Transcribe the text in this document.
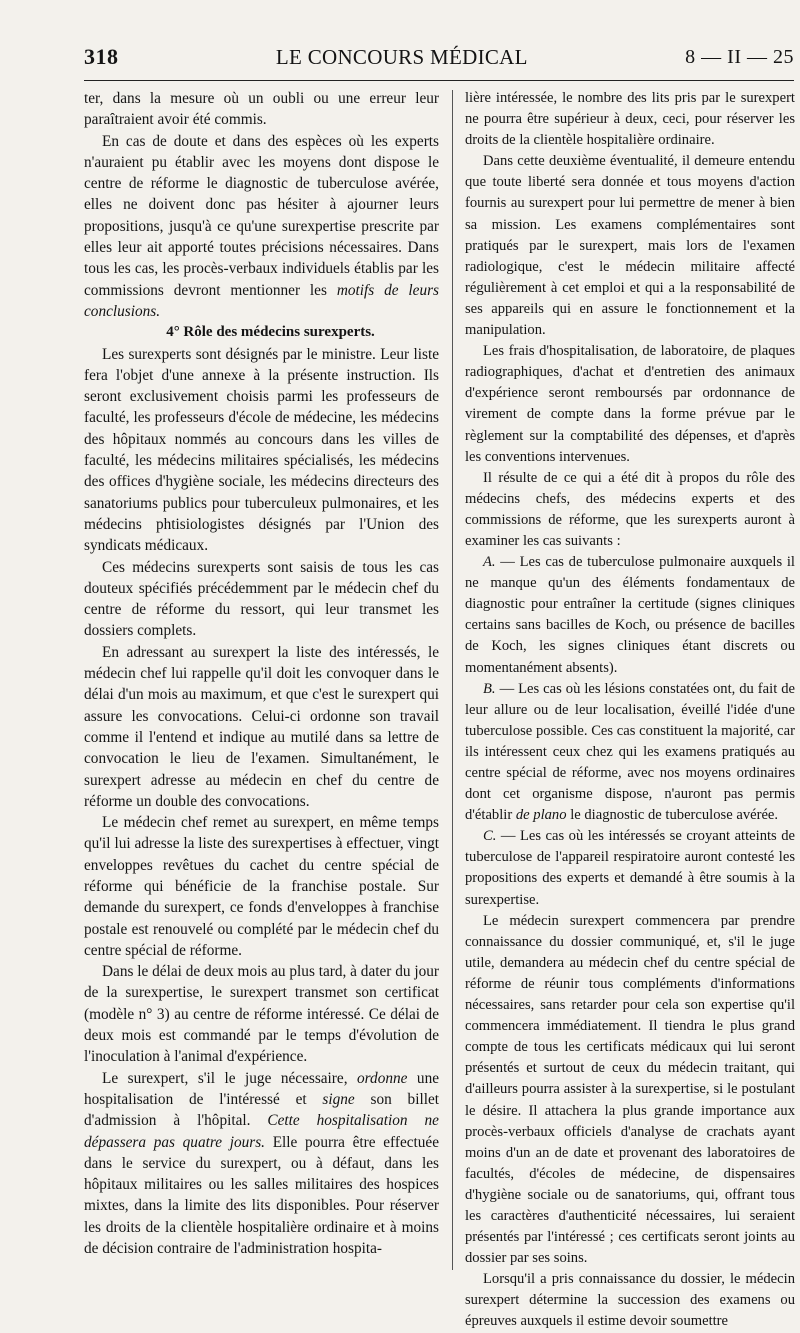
318	LE CONCOURS MÉDICAL	8 — II — 25

ter, dans la mesure où un oubli ou une erreur leur paraîtraient avoir été commis.

En cas de doute et dans des espèces où les experts n'auraient pu établir avec les moyens dont dispose le centre de réforme le diagnostic de tuberculose avérée, elles ne doivent donc pas hésiter à ajourner leurs propositions, jusqu'à ce qu'une surexpertise prescrite par elles leur ait apporté toutes précisions nécessaires. Dans tous les cas, les procès-verbaux individuels établis par les commissions devront mentionner les motifs de leurs conclusions.

4° Rôle des médecins surexperts.

Les surexperts sont désignés par le ministre. Leur liste fera l'objet d'une annexe à la présente instruction. Ils seront exclusivement choisis parmi les professeurs de faculté, les professeurs d'école de médecine, les médecins des hôpitaux nommés au concours dans les villes de faculté, les médecins militaires spécialisés, les médecins des offices d'hygiène sociale, les médecins directeurs des sanatoriums publics pour tuberculeux pulmonaires, et les médecins phtisiologistes désignés par l'Union des syndicats médicaux.

Ces médecins surexperts sont saisis de tous les cas douteux spécifiés précédemment par le médecin chef du centre de réforme du ressort, qui leur transmet les dossiers complets.

En adressant au surexpert la liste des intéressés, le médecin chef lui rappelle qu'il doit les convoquer dans le délai d'un mois au maximum, et que c'est le surexpert qui assure les convocations. Celui-ci ordonne son travail comme il l'entend et indique au mutilé dans sa lettre de convocation le lieu de l'examen. Simultanément, le surexpert adresse au médecin en chef du centre de réforme un double des convocations.

Le médecin chef remet au surexpert, en même temps qu'il lui adresse la liste des surexpertises à effectuer, vingt enveloppes revêtues du cachet du centre spécial de réforme qui bénéficie de la franchise postale. Sur demande du surexpert, ce fonds d'enveloppes à franchise postale est renouvelé ou complété par le médecin chef du centre spécial de réforme.

Dans le délai de deux mois au plus tard, à dater du jour de la surexpertise, le surexpert transmet son certificat (modèle n° 3) au centre de réforme intéressé. Ce délai de deux mois est commandé par le temps d'évolution de l'inoculation à l'animal d'expérience.

Le surexpert, s'il le juge nécessaire, ordonne une hospitalisation de l'intéressé et signe son billet d'admission à l'hôpital. Cette hospitalisation ne dépassera pas quatre jours. Elle pourra être effectuée dans le service du surexpert, ou à défaut, dans les hôpitaux militaires ou les salles militaires des hospices mixtes, dans la limite des lits disponibles. Pour réserver les droits de la clientèle hospitalière ordinaire et à moins de décision contraire de l'administration hospita-

lière intéressée, le nombre des lits pris par le surexpert ne pourra être supérieur à deux, ceci, pour réserver les droits de la clientèle hospitalière ordinaire.

Dans cette deuxième éventualité, il demeure entendu que toute liberté sera donnée et tous moyens d'action fournis au surexpert pour lui permettre de mener à bien sa mission. Les examens complémentaires sont pratiqués par le surexpert, mais lors de l'examen radiologique, c'est le médecin militaire affecté régulièrement à cet emploi et qui a la responsabilité de ses appareils qui en assure le fonctionnement et la manipulation.

Les frais d'hospitalisation, de laboratoire, de plaques radiographiques, d'achat et d'entretien des animaux d'expérience seront remboursés par ordonnance de virement de compte dans la forme prévue par le règlement sur la comptabilité des dépenses, et d'après les conventions intervenues.

Il résulte de ce qui a été dit à propos du rôle des médecins chefs, des médecins experts et des commissions de réforme, que les surexperts auront à examiner les cas suivants :

A. — Les cas de tuberculose pulmonaire auxquels il ne manque qu'un des éléments fondamentaux de diagnostic pour entraîner la certitude (signes cliniques certains sans bacilles de Koch, ou présence de bacilles de Koch, les signes cliniques étant discrets ou momentanément absents).

B. — Les cas où les lésions constatées ont, du fait de leur allure ou de leur localisation, éveillé l'idée d'une tuberculose possible. Ces cas constituent la majorité, car ils intéressent ceux chez qui les examens pratiqués au centre spécial de réforme, avec nos moyens ordinaires dont cet organisme dispose, n'auront pas permis d'établir de plano le diagnostic de tuberculose avérée.

C. — Les cas où les intéressés se croyant atteints de tuberculose de l'appareil respiratoire auront contesté les propositions des experts et demandé à être soumis à la surexpertise.

Le médecin surexpert commencera par prendre connaissance du dossier communiqué, et, s'il le juge utile, demandera au médecin chef du centre spécial de réforme de réunir tous compléments d'informations nécessaires, sans retarder pour cela son expertise qu'il commencera immédiatement. Il tiendra le plus grand compte de tous les certificats médicaux qui lui seront présentés et surtout de ceux du médecin traitant, qui d'ailleurs pourra assister à la surexpertise, si le postulant le désire. Il attachera la plus grande importance aux procès-verbaux officiels d'analyse de crachats ayant moins d'un an de date et provenant des laboratoires de facultés, d'écoles de médecine, de dispensaires d'hygiène sociale ou de sanatoriums, qui, offrant tous les caractères d'authenticité nécessaires, lui seraient présentés par l'intéressé ; ces certificats seront joints au dossier par ses soins.

Lorsqu'il a pris connaissance du dossier, le médecin surexpert détermine la succession des examens ou épreuves auxquels il estime devoir soumettre
